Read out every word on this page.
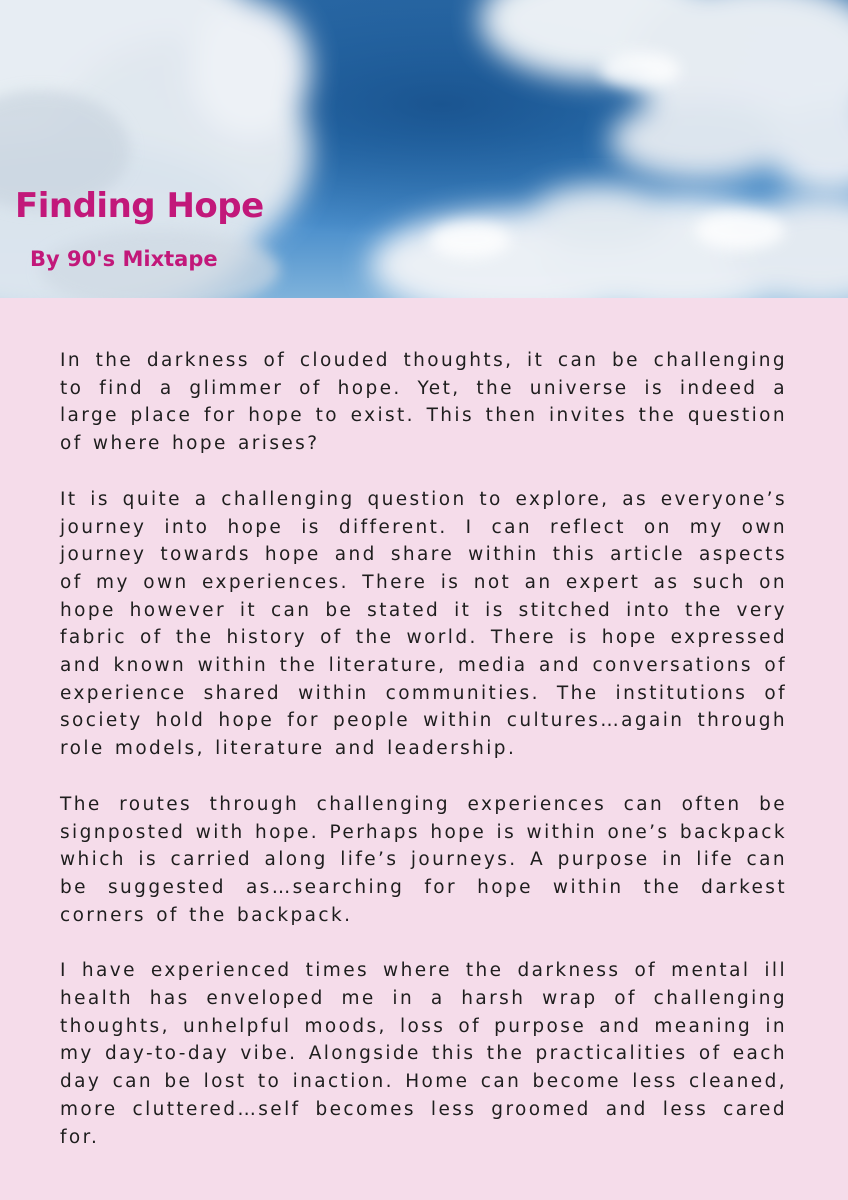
Finding Hope
By 90's Mixtape

In the darkness of clouded thoughts, it can be challenging to find a glimmer of hope. Yet, the universe is indeed a large place for hope to exist. This then invites the question of where hope arises?

It is quite a challenging question to explore, as everyone’s journey into hope is different. I can reflect on my own journey towards hope and share within this article aspects of my own experiences. There is not an expert as such on hope however it can be stated it is stitched into the very fabric of the history of the world. There is hope expressed and known within the literature, media and conversations of experience shared within communities. The institutions of society hold hope for people within cultures…again through role models, literature and leadership.

The routes through challenging experiences can often be signposted with hope. Perhaps hope is within one’s backpack which is carried along life’s journeys. A purpose in life can be suggested as…searching for hope within the darkest corners of the backpack.

I have experienced times where the darkness of mental ill health has enveloped me in a harsh wrap of challenging thoughts, unhelpful moods, loss of purpose and meaning in my day-to-day vibe. Alongside this the practicalities of each day can be lost to inaction. Home can become less cleaned, more cluttered…self becomes less groomed and less cared for.
